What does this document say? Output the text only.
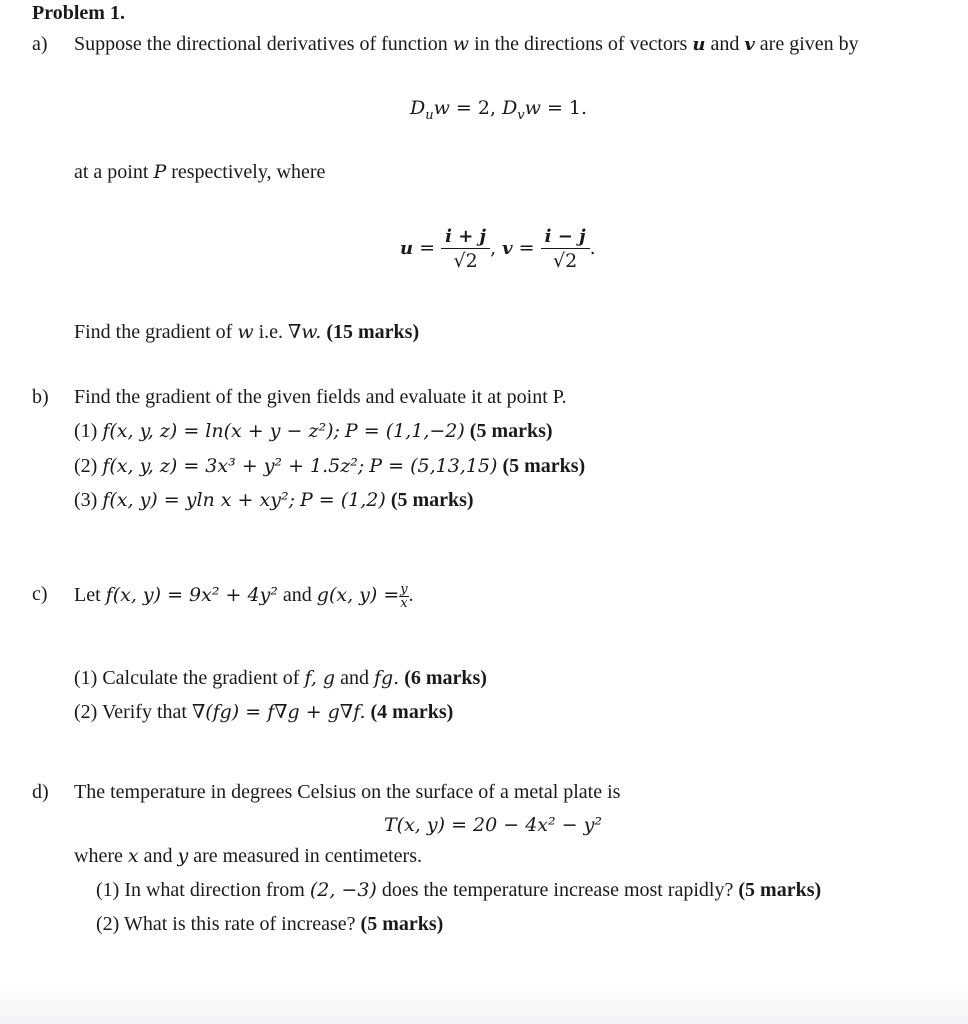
Problem 1.
a) Suppose the directional derivatives of function w in the directions of vectors u and v are given by
$D_uw = 2$, $D_vw = 1$.
at a point P respectively, where
$u = \frac{i + j}{√2}$ , $v = \frac{i - j}{√2}$ .
Find the gradient of w i.e. ∇w. (15 marks)
b) Find the gradient of the given fields and evaluate it at point P.
(1) f(x, y, z) = ln(x + y − z²); P = (1,1,−2) (5 marks)
(2) f(x, y, z) = 3x³ + y² + 1.5z²; P = (5,13,15) (5 marks)
(3) f(x, y) = yln x + xy²; P = (1,2) (5 marks)
c) Let f(x, y) = 9x² + 4y² and g(x, $y) = \frac{y}{x}$ .
(1) Calculate the gradient of f, g and fg. (6 marks)
(2) Verify that ∇(fg) = f∇g + g∇f. (4 marks)
d) The temperature in degrees Celsius on the surface of a metal plate is
T(x, y) = 20 − 4x² − y²
where x and y are measured in centimeters.
(1) In what direction from (2, −3) does the temperature increase most rapidly? (5 marks)
(2) What is this rate of increase? (5 marks)
